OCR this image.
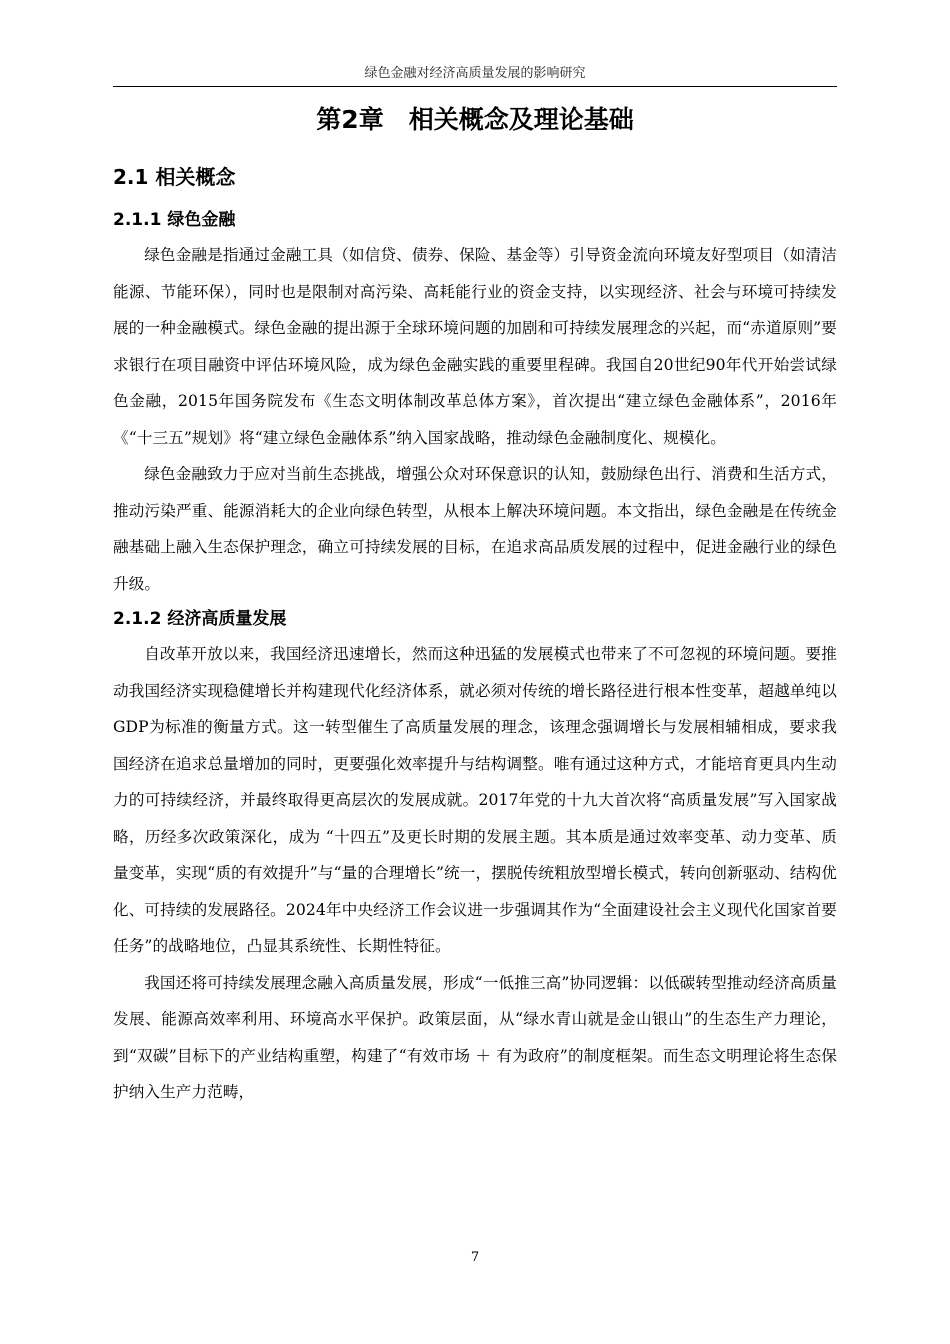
绿色金融对经济高质量发展的影响研究
第2章　相关概念及理论基础
2.1 相关概念
2.1.1 绿色金融

绿色金融是指通过金融工具（如信贷、债券、保险、基金等）引导资金流向环境友好型项目（如清洁能源、节能环保），同时也是限制对高污染、高耗能行业的资金支持，以实现经济、社会与环境可持续发展的一种金融模式。绿色金融的提出源于全球环境问题的加剧和可持续发展理念的兴起，而“赤道原则”要求银行在项目融资中评估环境风险，成为绿色金融实践的重要里程碑。我国自20世纪90年代开始尝试绿色金融，2015年国务院发布《生态文明体制改革总体方案》，首次提出“建立绿色金融体系”，2016年《“十三五”规划》将“建立绿色金融体系”纳入国家战略，推动绿色金融制度化、规模化。

绿色金融致力于应对当前生态挑战，增强公众对环保意识的认知，鼓励绿色出行、消费和生活方式，推动污染严重、能源消耗大的企业向绿色转型，从根本上解决环境问题。本文指出，绿色金融是在传统金融基础上融入生态保护理念，确立可持续发展的目标，在追求高品质发展的过程中，促进金融行业的绿色升级。

2.1.2 经济高质量发展

自改革开放以来，我国经济迅速增长，然而这种迅猛的发展模式也带来了不可忽视的环境问题。要推动我国经济实现稳健增长并构建现代化经济体系，就必须对传统的增长路径进行根本性变革，超越单纯以GDP为标准的衡量方式。这一转型催生了高质量发展的理念，该理念强调增长与发展相辅相成，要求我国经济在追求总量增加的同时，更要强化效率提升与结构调整。唯有通过这种方式，才能培育更具内生动力的可持续经济，并最终取得更高层次的发展成就。2017年党的十九大首次将“高质量发展”写入国家战略，历经多次政策深化，成为 “十四五”及更长时期的发展主题。其本质是通过效率变革、动力变革、质量变革，实现“质的有效提升”与“量的合理增长”统一，摆脱传统粗放型增长模式，转向创新驱动、结构优化、可持续的发展路径。2024年中央经济工作会议进一步强调其作为“全面建设社会主义现代化国家首要任务”的战略地位，凸显其系统性、长期性特征。

我国还将可持续发展理念融入高质量发展，形成“一低推三高”协同逻辑：以低碳转型推动经济高质量发展、能源高效率利用、环境高水平保护。政策层面，从“绿水青山就是金山银山”的生态生产力理论，到“双碳”目标下的产业结构重塑，构建了“有效市场 ＋ 有为政府”的制度框架。而生态文明理论将生态保护纳入生产力范畴，

7
